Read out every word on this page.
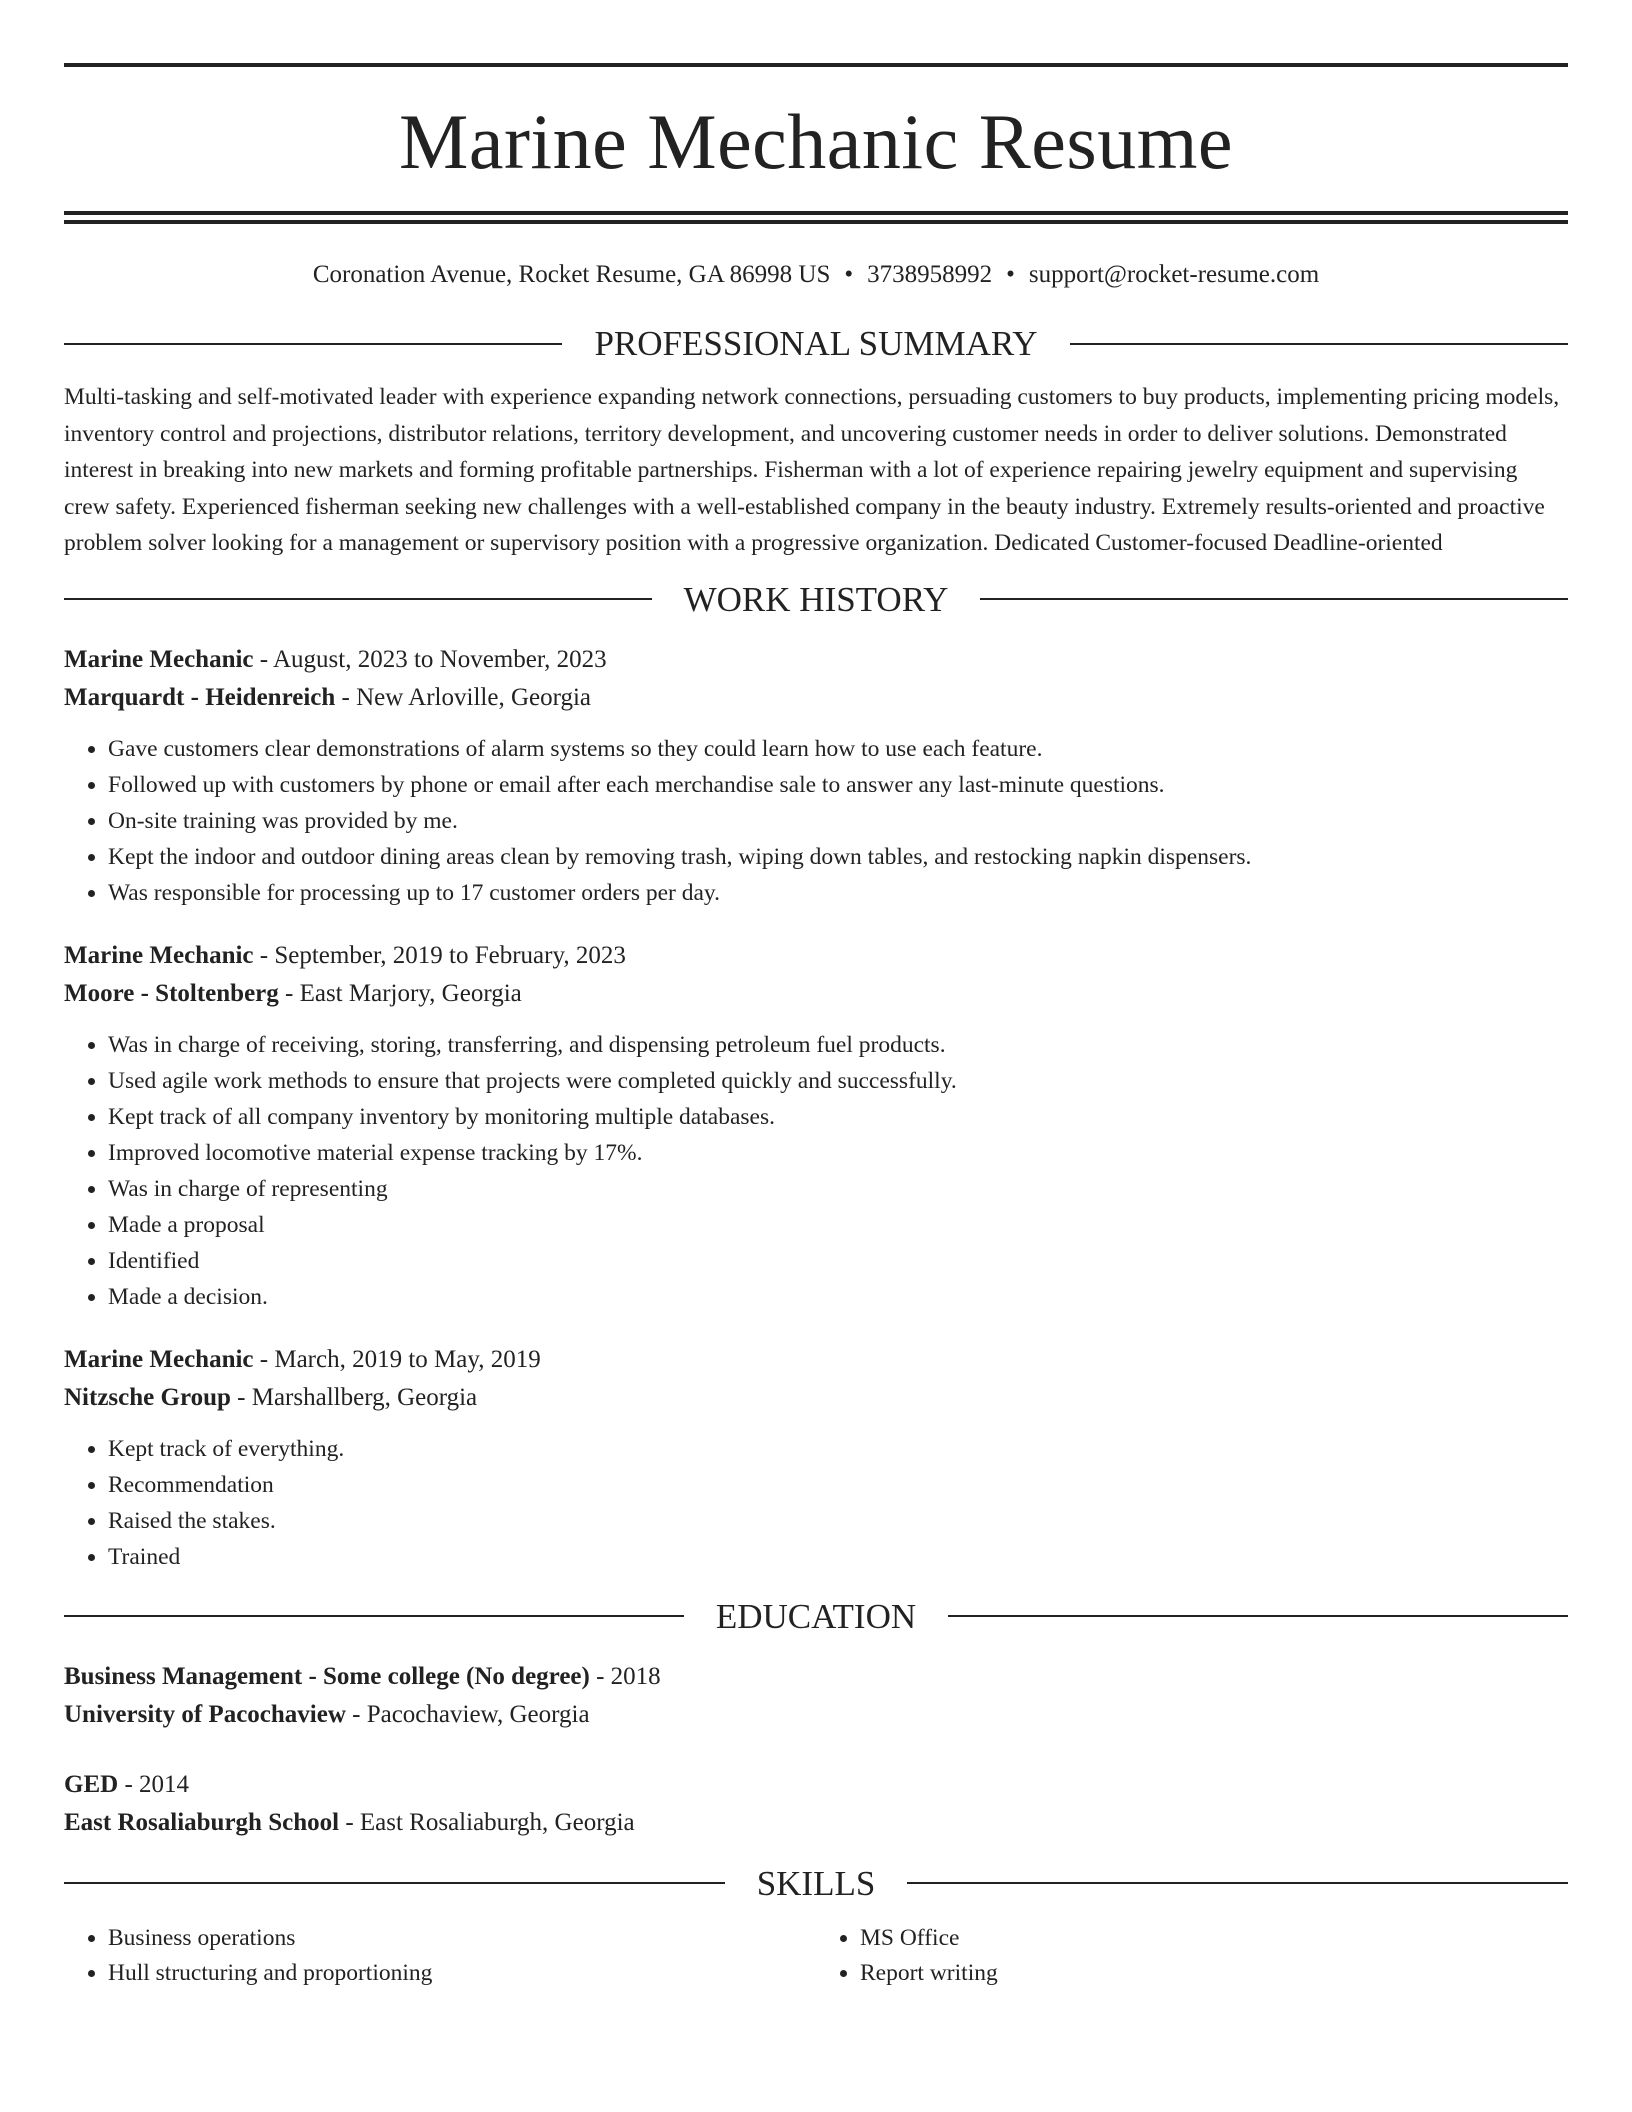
Marine Mechanic Resume
Coronation Avenue, Rocket Resume, GA 86998 US • 3738958992 • support@rocket-resume.com
PROFESSIONAL SUMMARY

Multi-tasking and self-motivated leader with experience expanding network connections, persuading customers to buy products, implementing pricing models, inventory control and projections, distributor relations, territory development, and uncovering customer needs in order to deliver solutions. Demonstrated interest in breaking into new markets and forming profitable partnerships. Fisherman with a lot of experience repairing jewelry equipment and supervising crew safety. Experienced fisherman seeking new challenges with a well-established company in the beauty industry. Extremely results-oriented and proactive problem solver looking for a management or supervisory position with a progressive organization. Dedicated Customer-focused Deadline-oriented

WORK HISTORY
Marine Mechanic - August, 2023 to November, 2023
Marquardt - Heidenreich - New Arloville, Georgia
• Gave customers clear demonstrations of alarm systems so they could learn how to use each feature.
• Followed up with customers by phone or email after each merchandise sale to answer any last-minute questions.
• On-site training was provided by me.
• Kept the indoor and outdoor dining areas clean by removing trash, wiping down tables, and restocking napkin dispensers.
• Was responsible for processing up to 17 customer orders per day.
Marine Mechanic - September, 2019 to February, 2023
Moore - Stoltenberg - East Marjory, Georgia
• Was in charge of receiving, storing, transferring, and dispensing petroleum fuel products.
• Used agile work methods to ensure that projects were completed quickly and successfully.
• Kept track of all company inventory by monitoring multiple databases.
• Improved locomotive material expense tracking by 17%.
• Was in charge of representing
• Made a proposal
• Identified
• Made a decision.
Marine Mechanic - March, 2019 to May, 2019
Nitzsche Group - Marshallberg, Georgia
• Kept track of everything.
• Recommendation
• Raised the stakes.
• Trained
EDUCATION
Business Management - Some college (No degree) - 2018
University of Pacochaview - Pacochaview, Georgia
GED - 2014
East Rosaliaburgh School - East Rosaliaburgh, Georgia
SKILLS
• Business operations
• Hull structuring and proportioning
• MS Office
• Report writing
